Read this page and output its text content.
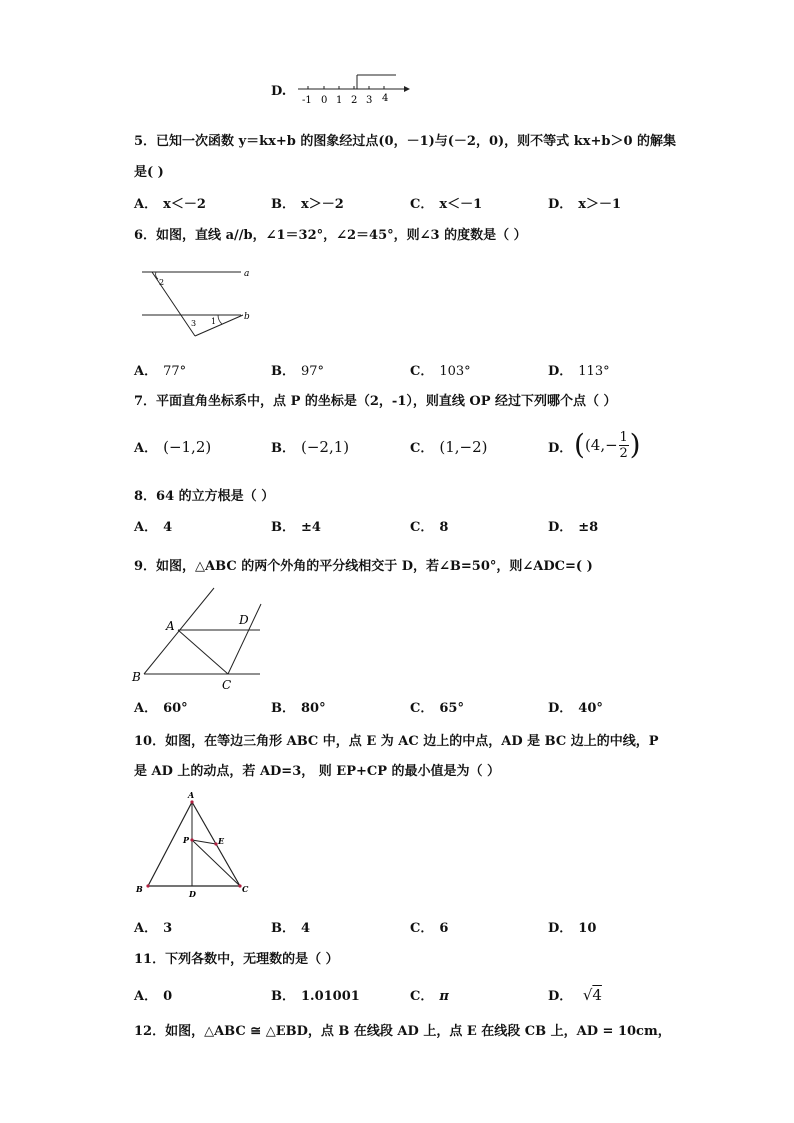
D.
-1 0 1 2 3 4
5．已知一次函数 y＝kx+b 的图象经过点(0，－1)与(－2，0)，则不等式 kx+b＞0 的解集
是( )
A． x＜－2	B． x＞－2	C． x＜－1	D． x＞－1
6．如图，直线 a//b，∠1＝32°，∠2＝45°，则∠3 的度数是（ ）
a
b
2
3 1
A． 77°	B． 97°	C． 103°	D． 113°
7．平面直角坐标系中，点 P 的坐标是（2，-1），则直线 OP 经过下列哪个点（ ）
A． (−1,2)	B． (−2,1)	C． (1,−2)	D． ( (4,− 1
2 )
8．64 的立方根是（ ）
A． 4	B． ±4	C． 8	D． ±8
9．如图，△ABC 的两个外角的平分线相交于 D，若∠B=50°，则∠ADC=( )
A
B
C
D
A． 60°	B． 80°	C． 65°	D． 40°
10．如图，在等边三角形 ABC 中，点 E 为 AC 边上的中点，AD 是 BC 边上的中线，P
是 AD 上的动点，若 AD=3， 则 EP+CP 的最小值是为（ ）
A
P	E
B	D	C
A． 3	B． 4	C． 6	D． 10
11．下列各数中，无理数的是（ ）
A． 0	B． 1.01001	C． π	D． √4
12．如图，△ABC ≅ △EBD，点 B 在线段 AD 上，点 E 在线段 CB 上，AD = 10cm，
